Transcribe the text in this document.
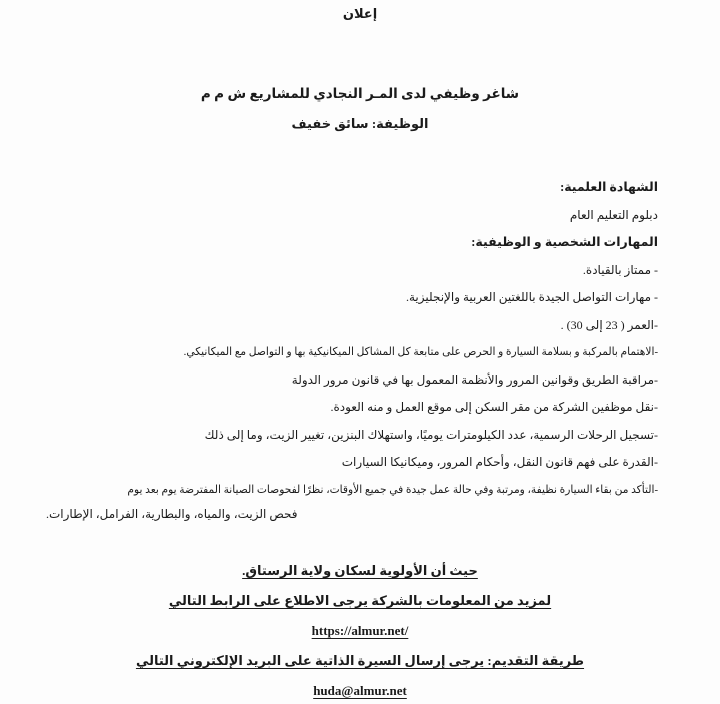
إعلان
شاغر وظيفي لدى المـر النجادي للمشاريع ش م م
الوظيفة: سائق خفيف
الشهادة العلمية:
دبلوم التعليم العام
المهارات الشخصية و الوظيفية:
- ممتاز بالقيادة.
- مهارات التواصل الجيدة باللغتين العربية والإنجليزية.
-العمر ( 23 إلى 30) .
-الاهتمام بالمركبة و بسلامة السيارة و الحرص على متابعة كل المشاكل الميكانيكية بها و التواصل مع الميكانيكي.
-مراقبة الطريق وقوانين المرور والأنظمة المعمول بها في قانون مرور الدولة
-نقل موظفين الشركة من مقر السكن إلى موقع العمل و منه العودة.
-تسجيل الرحلات الرسمية، عدد الكيلومترات يوميًا، واستهلاك البنزين، تغيير الزيت، وما إلى ذلك
-القدرة على فهم قانون النقل، وأحكام المرور، وميكانيكا السيارات
-التأكد من بقاء السيارة نظيفة، ومرتبة وفي حالة عمل جيدة في جميع الأوقات، نظرًا لفحوصات الصيانة المفترضة يوم بعد يوم
فحص الزيت، والمياه، والبطارية، الفرامل، الإطارات.
حيث أن الأولوية لسكان ولاية الرستاق.
لمزيد من المعلومات بالشركة يرجى الاطلاع على الرابط التالي
https://almur.net/
طريقة التقديم: يرجى إرسال السيرة الذاتية على البريد الإلكتروني التالي
huda@almur.net
